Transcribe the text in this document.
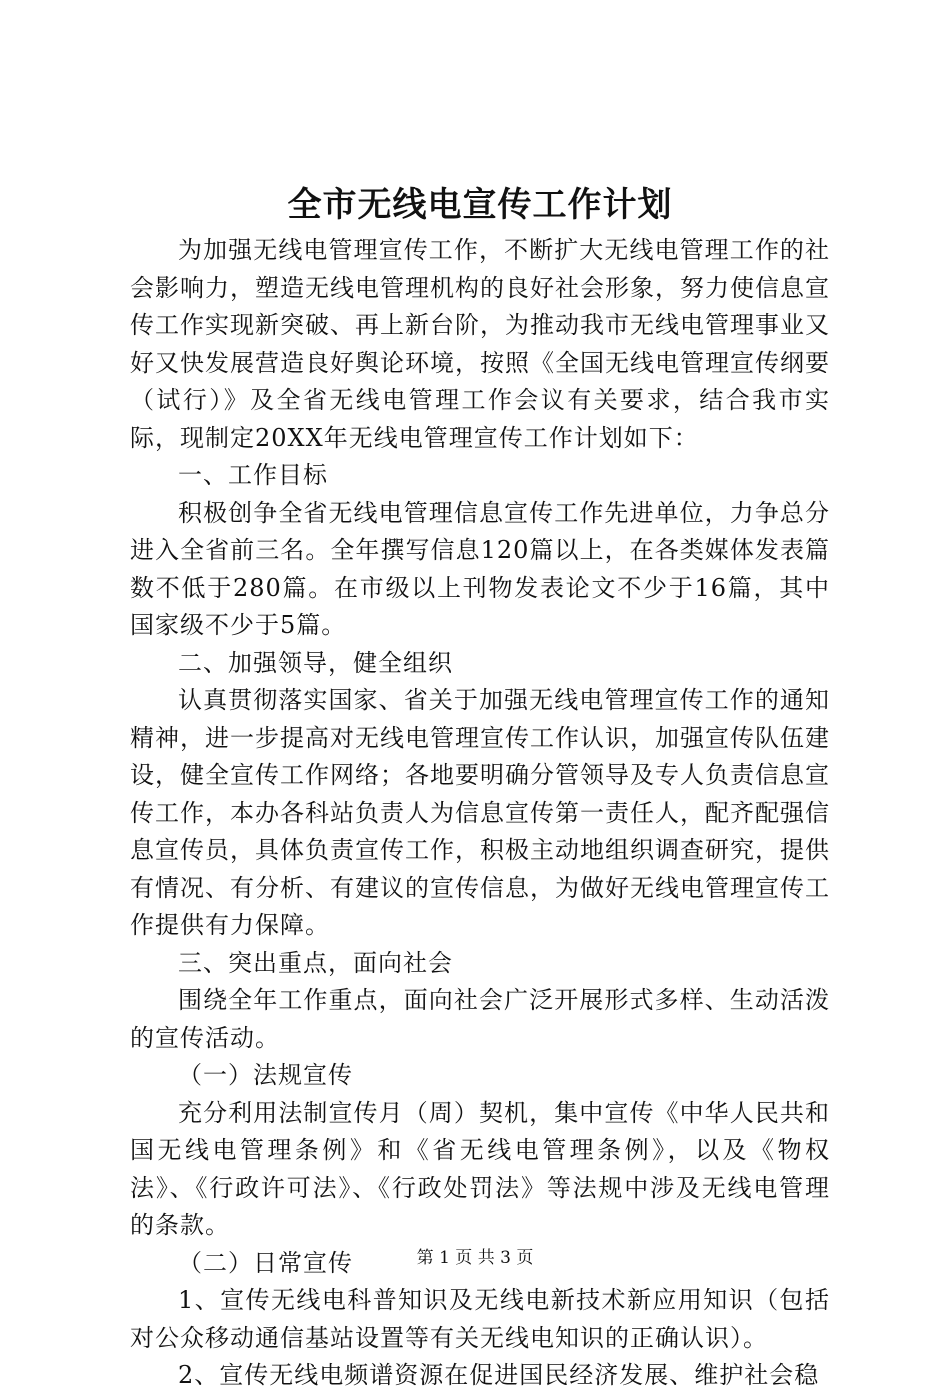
全市无线电宣传工作计划

为加强无线电管理宣传工作，不断扩大无线电管理工作的社会影响力，塑造无线电管理机构的良好社会形象，努力使信息宣传工作实现新突破、再上新台阶，为推动我市无线电管理事业又好又快发展营造良好舆论环境，按照《全国无线电管理宣传纲要（试行）》及全省无线电管理工作会议有关要求，结合我市实际，现制定20XX年无线电管理宣传工作计划如下：

一、工作目标

积极创争全省无线电管理信息宣传工作先进单位，力争总分进入全省前三名。全年撰写信息120篇以上，在各类媒体发表篇数不低于280篇。在市级以上刊物发表论文不少于16篇，其中国家级不少于5篇。

二、加强领导，健全组织

认真贯彻落实国家、省关于加强无线电管理宣传工作的通知精神，进一步提高对无线电管理宣传工作认识，加强宣传队伍建设，健全宣传工作网络；各地要明确分管领导及专人负责信息宣传工作，本办各科站负责人为信息宣传第一责任人，配齐配强信息宣传员，具体负责宣传工作，积极主动地组织调查研究，提供有情况、有分析、有建议的宣传信息，为做好无线电管理宣传工作提供有力保障。

三、突出重点，面向社会

围绕全年工作重点，面向社会广泛开展形式多样、生动活泼的宣传活动。

（一）法规宣传

充分利用法制宣传月（周）契机，集中宣传《中华人民共和国无线电管理条例》和《省无线电管理条例》，以及《物权法》、《行政许可法》、《行政处罚法》等法规中涉及无线电管理的条款。

（二）日常宣传

1、宣传无线电科普知识及无线电新技术新应用知识（包括对公众移动通信基站设置等有关无线电知识的正确认识）。

2、宣传无线电频谱资源在促进国民经济发展、维护社会稳

第 1 页 共 3 页
